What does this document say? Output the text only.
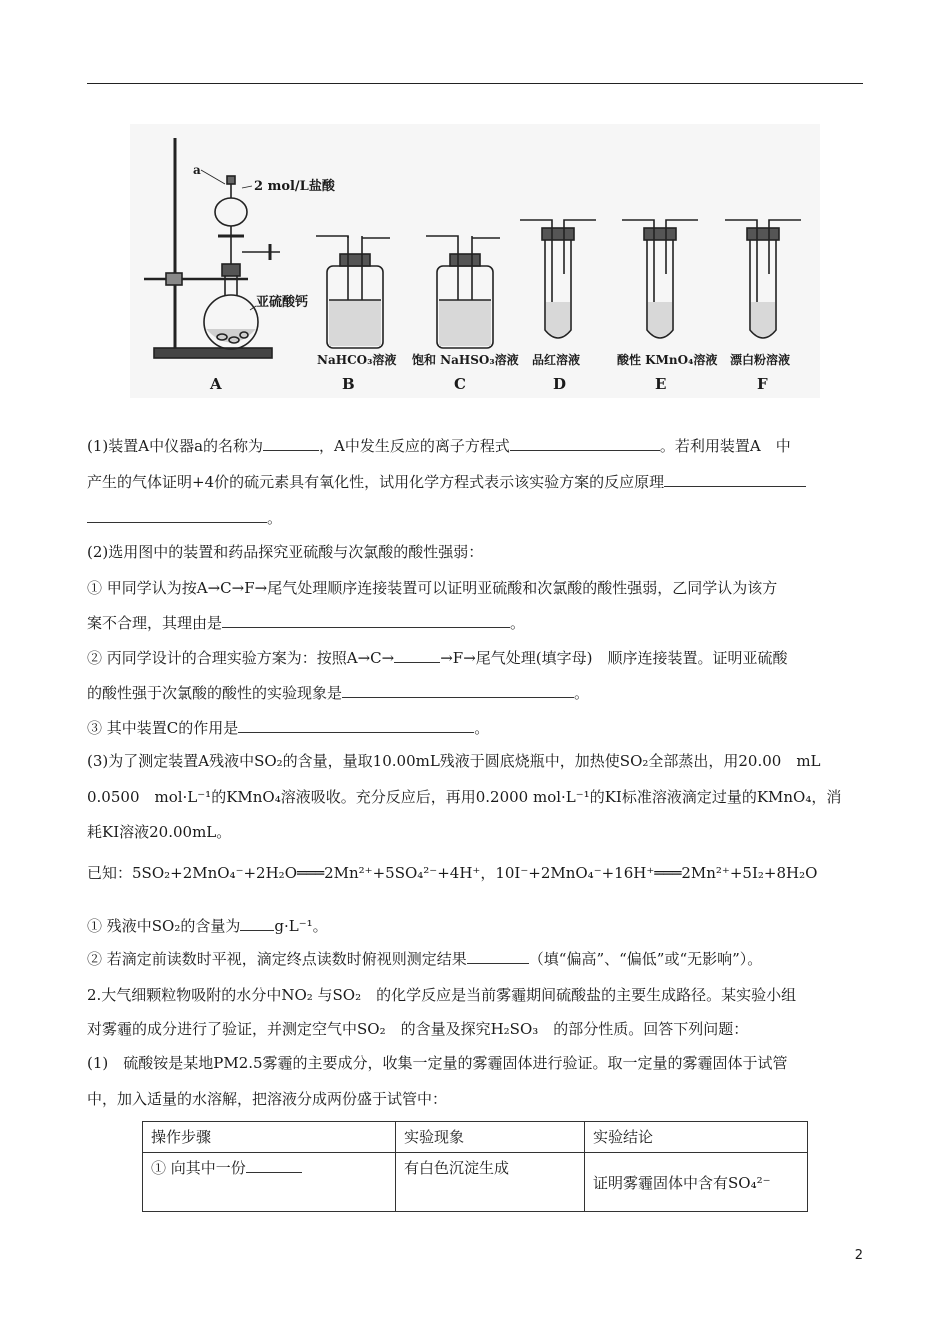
a
2 mol/L盐酸
亚硫酸钙
NaHCO₃溶液 饱和 NaHSO₃溶液 品红溶液	酸性 KMnO₄溶液 漂白粉溶液
A	B	C	D	E	F
(1)装置A中仪器a的名称为	，A中发生反应的离子方程式	。若利用装置A　中
产生的气体证明+4价的硫元素具有氧化性，试用化学方程式表示该实验方案的反应原理
。
(2)选用图中的装置和药品探究亚硫酸与次氯酸的酸性强弱：
① 甲同学认为按A→C→F→尾气处理顺序连接装置可以证明亚硫酸和次氯酸的酸性强弱，乙同学认为该方
案不合理，其理由是	。
② 丙同学设计的合理实验方案为：按照A→C→	→F→尾气处理(填字母)　顺序连接装置。证明亚硫酸
的酸性强于次氯酸的酸性的实验现象是	。
③ 其中装置C的作用是	。
(3)为了测定装置A残液中SO₂的含量，量取10.00mL残液于圆底烧瓶中，加热使SO₂全部蒸出，用20.00　mL
0.0500　mol·L⁻¹的KMnO₄溶液吸收。充分反应后，再用0.2000 mol·L⁻¹的KI标准溶液滴定过量的KMnO₄，消
耗KI溶液20.00mL。
已知：5SO₂+2MnO₄⁻+2H₂O═══2Mn²⁺+5SO₄²⁻+4H⁺，10I⁻+2MnO₄⁻+16H⁺═══2Mn²⁺+5I₂+8H₂O
① 残液中SO₂的含量为 g·L⁻¹。
② 若滴定前读数时平视，滴定终点读数时俯视则测定结果	（填“偏高”、“偏低”或“无影响”）。
2.大气细颗粒物吸附的水分中NO₂ 与SO₂　的化学反应是当前雾霾期间硫酸盐的主要生成路径。某实验小组
对雾霾的成分进行了验证，并测定空气中SO₂　的含量及探究H₂SO₃　的部分性质。回答下列问题：
(1)　硫酸铵是某地PM2.5雾霾的主要成分，收集一定量的雾霾固体进行验证。取一定量的雾霾固体于试管
中，加入适量的水溶解，把溶液分成两份盛于试管中：
操作步骤	实验现象	实验结论
① 向其中一份	有白色沉淀生成	证明雾霾固体中含有SO₄²⁻
2
